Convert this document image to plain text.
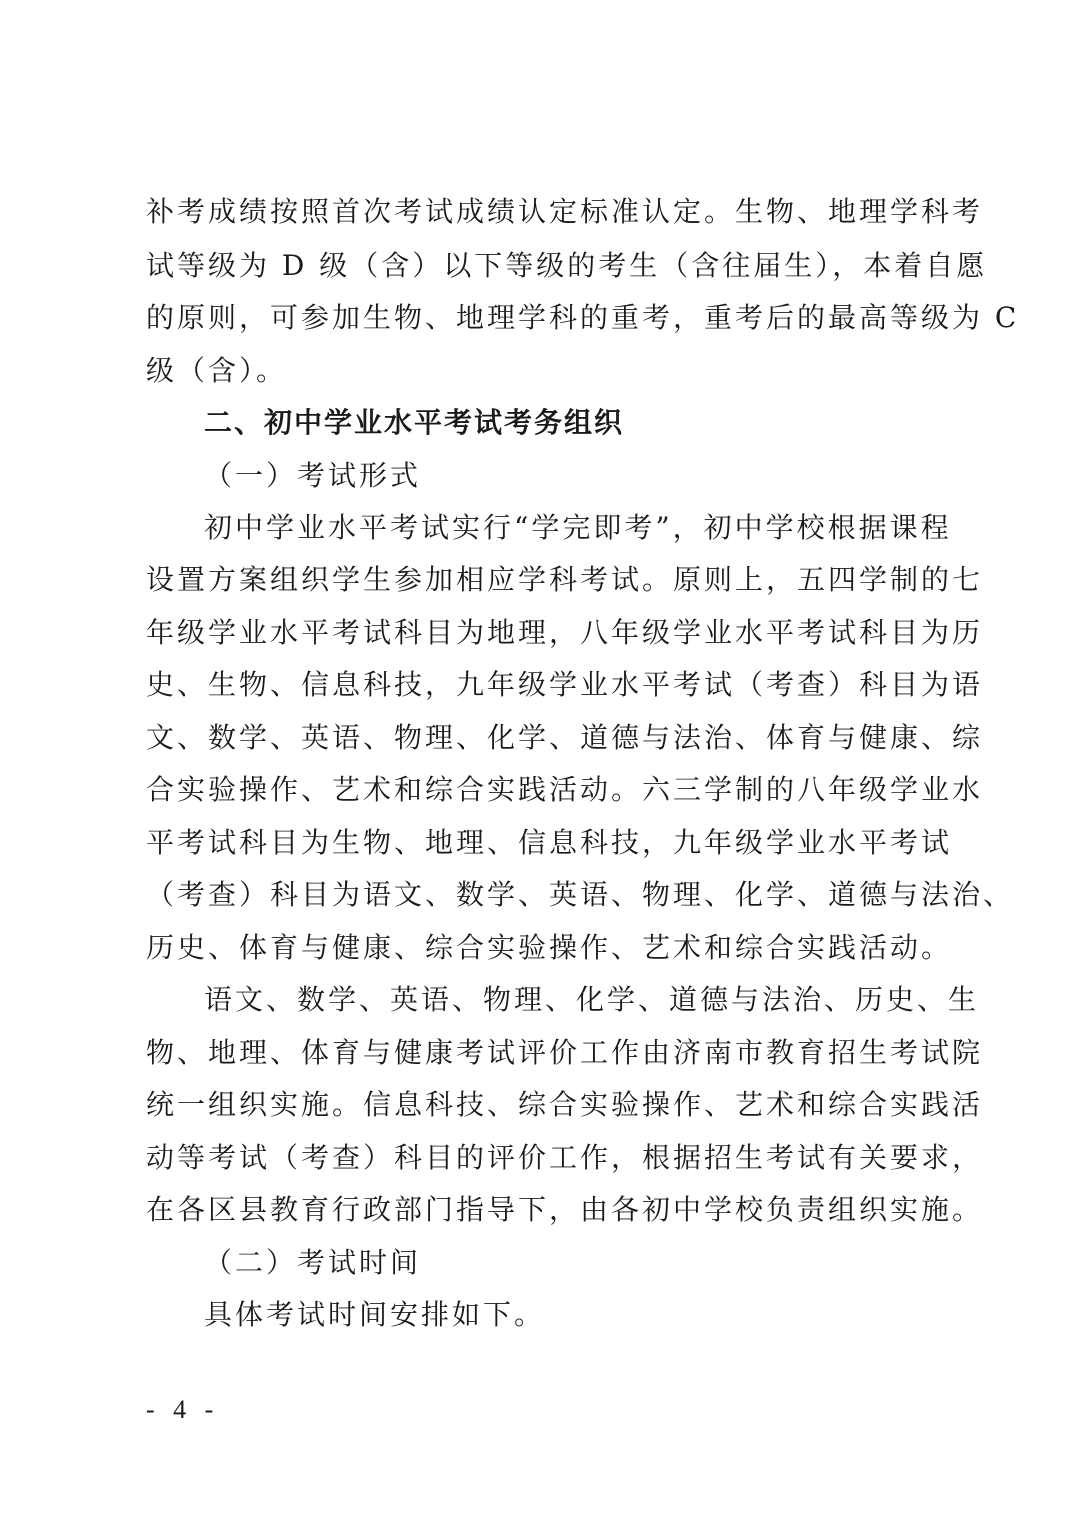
补考成绩按照首次考试成绩认定标准认定。生物、地理学科考
试等级为 D 级（含）以下等级的考生（含往届生），本着自愿
的原则，可参加生物、地理学科的重考，重考后的最高等级为 C
级（含）。
二、初中学业水平考试考务组织
（一）考试形式
初中学业水平考试实行“学完即考”，初中学校根据课程
设置方案组织学生参加相应学科考试。原则上，五四学制的七
年级学业水平考试科目为地理，八年级学业水平考试科目为历
史、生物、信息科技，九年级学业水平考试（考查）科目为语
文、数学、英语、物理、化学、道德与法治、体育与健康、综
合实验操作、艺术和综合实践活动。六三学制的八年级学业水
平考试科目为生物、地理、信息科技，九年级学业水平考试
（考查）科目为语文、数学、英语、物理、化学、道德与法治、
历史、体育与健康、综合实验操作、艺术和综合实践活动。
语文、数学、英语、物理、化学、道德与法治、历史、生
物、地理、体育与健康考试评价工作由济南市教育招生考试院
统一组织实施。信息科技、综合实验操作、艺术和综合实践活
动等考试（考查）科目的评价工作，根据招生考试有关要求，
在各区县教育行政部门指导下，由各初中学校负责组织实施。
（二）考试时间
具体考试时间安排如下。
- 4 -
